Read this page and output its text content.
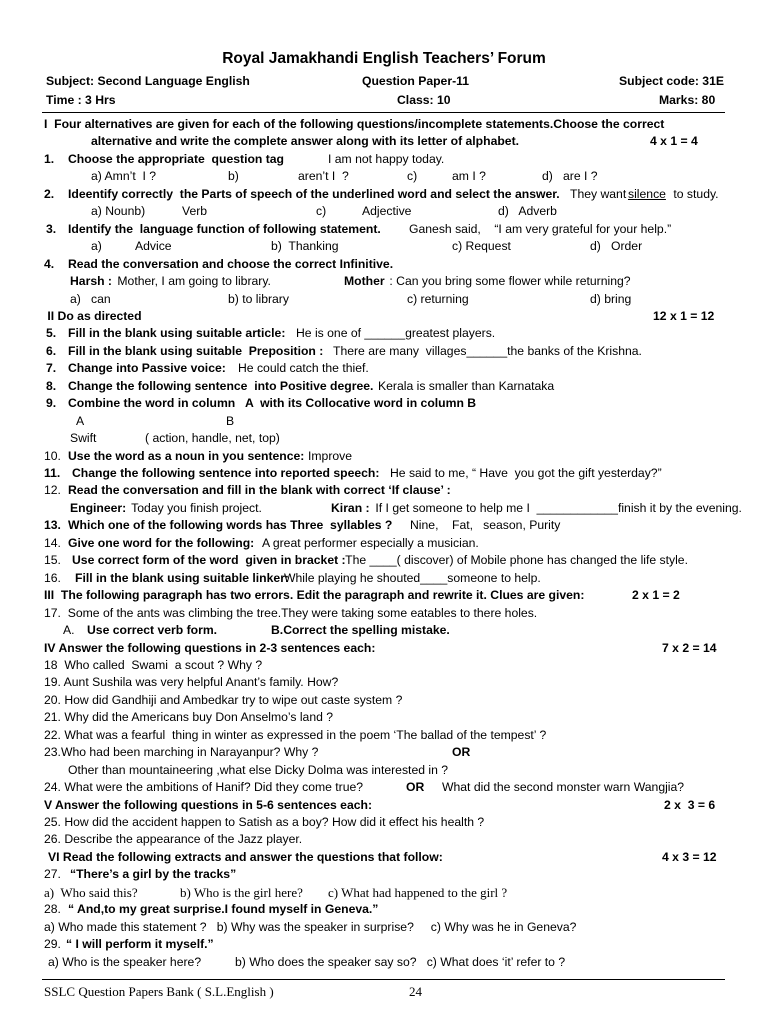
Royal Jamakhandi English Teachers’ Forum

Subject: Second Language English

	Question Paper-11

	Subject code: 31E

Time : 3 Hrs

	Class: 10

	Marks: 80

I  Four alternatives are given for each of the following questions/incomplete statements.Choose the correct
alternative and write the complete answer along with its letter of alphabet.	4 x 1 = 4
1. Choose the appropriate  question tag	I am not happy today.
a) Amn’t  I ?	b)	aren’t I  ?	c)	am I ?	d)   are I ?
2. Ideentify correctly  the Parts of speech of the underlined word and select the answer. They want
silence to study.
a) Nounb)	Verb	c)	Adjective	d)   Adverb
3. Identify the  language function of following statement. Ganesh said,    “I am very grateful for your help.”
a)	Advice	b)  Thanking	c) Request	d)   Order
4. Read the conversation and choose the correct Infinitive.
Harsh : Mother, I am going to library.	Mother : Can you bring some flower while returning?
a)   can	b) to library	c) returning	d) bring
II Do as directed	12 x 1 = 12
5. Fill in the blank using suitable article: He is one of ______greatest players.
6. Fill in the blank using suitable  Preposition : There are many  villages______the banks of the Krishna.
7. Change into Passive voice: He could catch the thief.
8. Change the following sentence  into Positive degree. Kerala is smaller than Karnataka
9. Combine the word in column   A  with its Collocative word in column B
A	B
Swift	( action, handle, net, top)
10. Use the word as a noun in you sentence: Improve
11. Change the following sentence into reported speech: He said to me, “ Have  you got the gift yesterday?”
12. Read the conversation and fill in the blank with correct ‘If clause’ :
Engineer: Today you finish project.	Kiran : If I get someone to help me I  ____________finish it by the evening.
13. Which one of the following words has Three  syllables ? Nine,    Fat,   season, Purity
14. Give one word for the following: A great performer especially a musician.
15. Use correct form of the word  given in bracket :
The ____( discover) of Mobile phone has changed the life style.
16. Fill in the blank using suitable linker:
While playing he shouted____someone to help.
III  The following paragraph has two errors. Edit the paragraph and rewrite it. Clues are given:	2 x 1 = 2
17.  Some of the ants was climbing the tree.They were taking some eatables to there holes.
A. Use correct verb form.	B.Correct the spelling mistake.
IV Answer the following questions in 2-3 sentences each:	7 x 2 = 14
18  Who called  Swami  a scout ? Why ?
19. Aunt Sushila was very helpful Anant’s family. How?
20. How did Gandhiji and Ambedkar try to wipe out caste system ?
21. Why did the Americans buy Don Anselmo’s land ?
22. What was a fearful  thing in winter as expressed in the poem ‘The ballad of the tempest’ ?
23.Who had been marching in Narayanpur? Why ?	OR
Other than mountaineering ,what else Dicky Dolma was interested in ?
24. What were the ambitions of Hanif? Did they come true?	OR What did the second monster warn Wangjia?
V Answer the following questions in 5-6 sentences each:	2 x  3 = 6
25. How did the accident happen to Satish as a boy? How did it effect his health ?
26. Describe the appearance of the Jazz player.
VI Read the following extracts and answer the questions that follow:	4 x 3 = 12
27. “There’s a girl by the tracks”
a)  Who said this?	b) Who is the girl here? c) What had happened to the girl ?
28. “ And,to my great surprise.I found myself in Geneva.”
a) Who made this statement ?   b) Why was the speaker in surprise?     c) Why was he in Geneva?
29. “ I will perform it myself.”
a) Who is the speaker here?	b) Who does the speaker say so?   c) What does ‘it’ refer to ?
SSLC Question Papers Bank ( S.L.English )	24
